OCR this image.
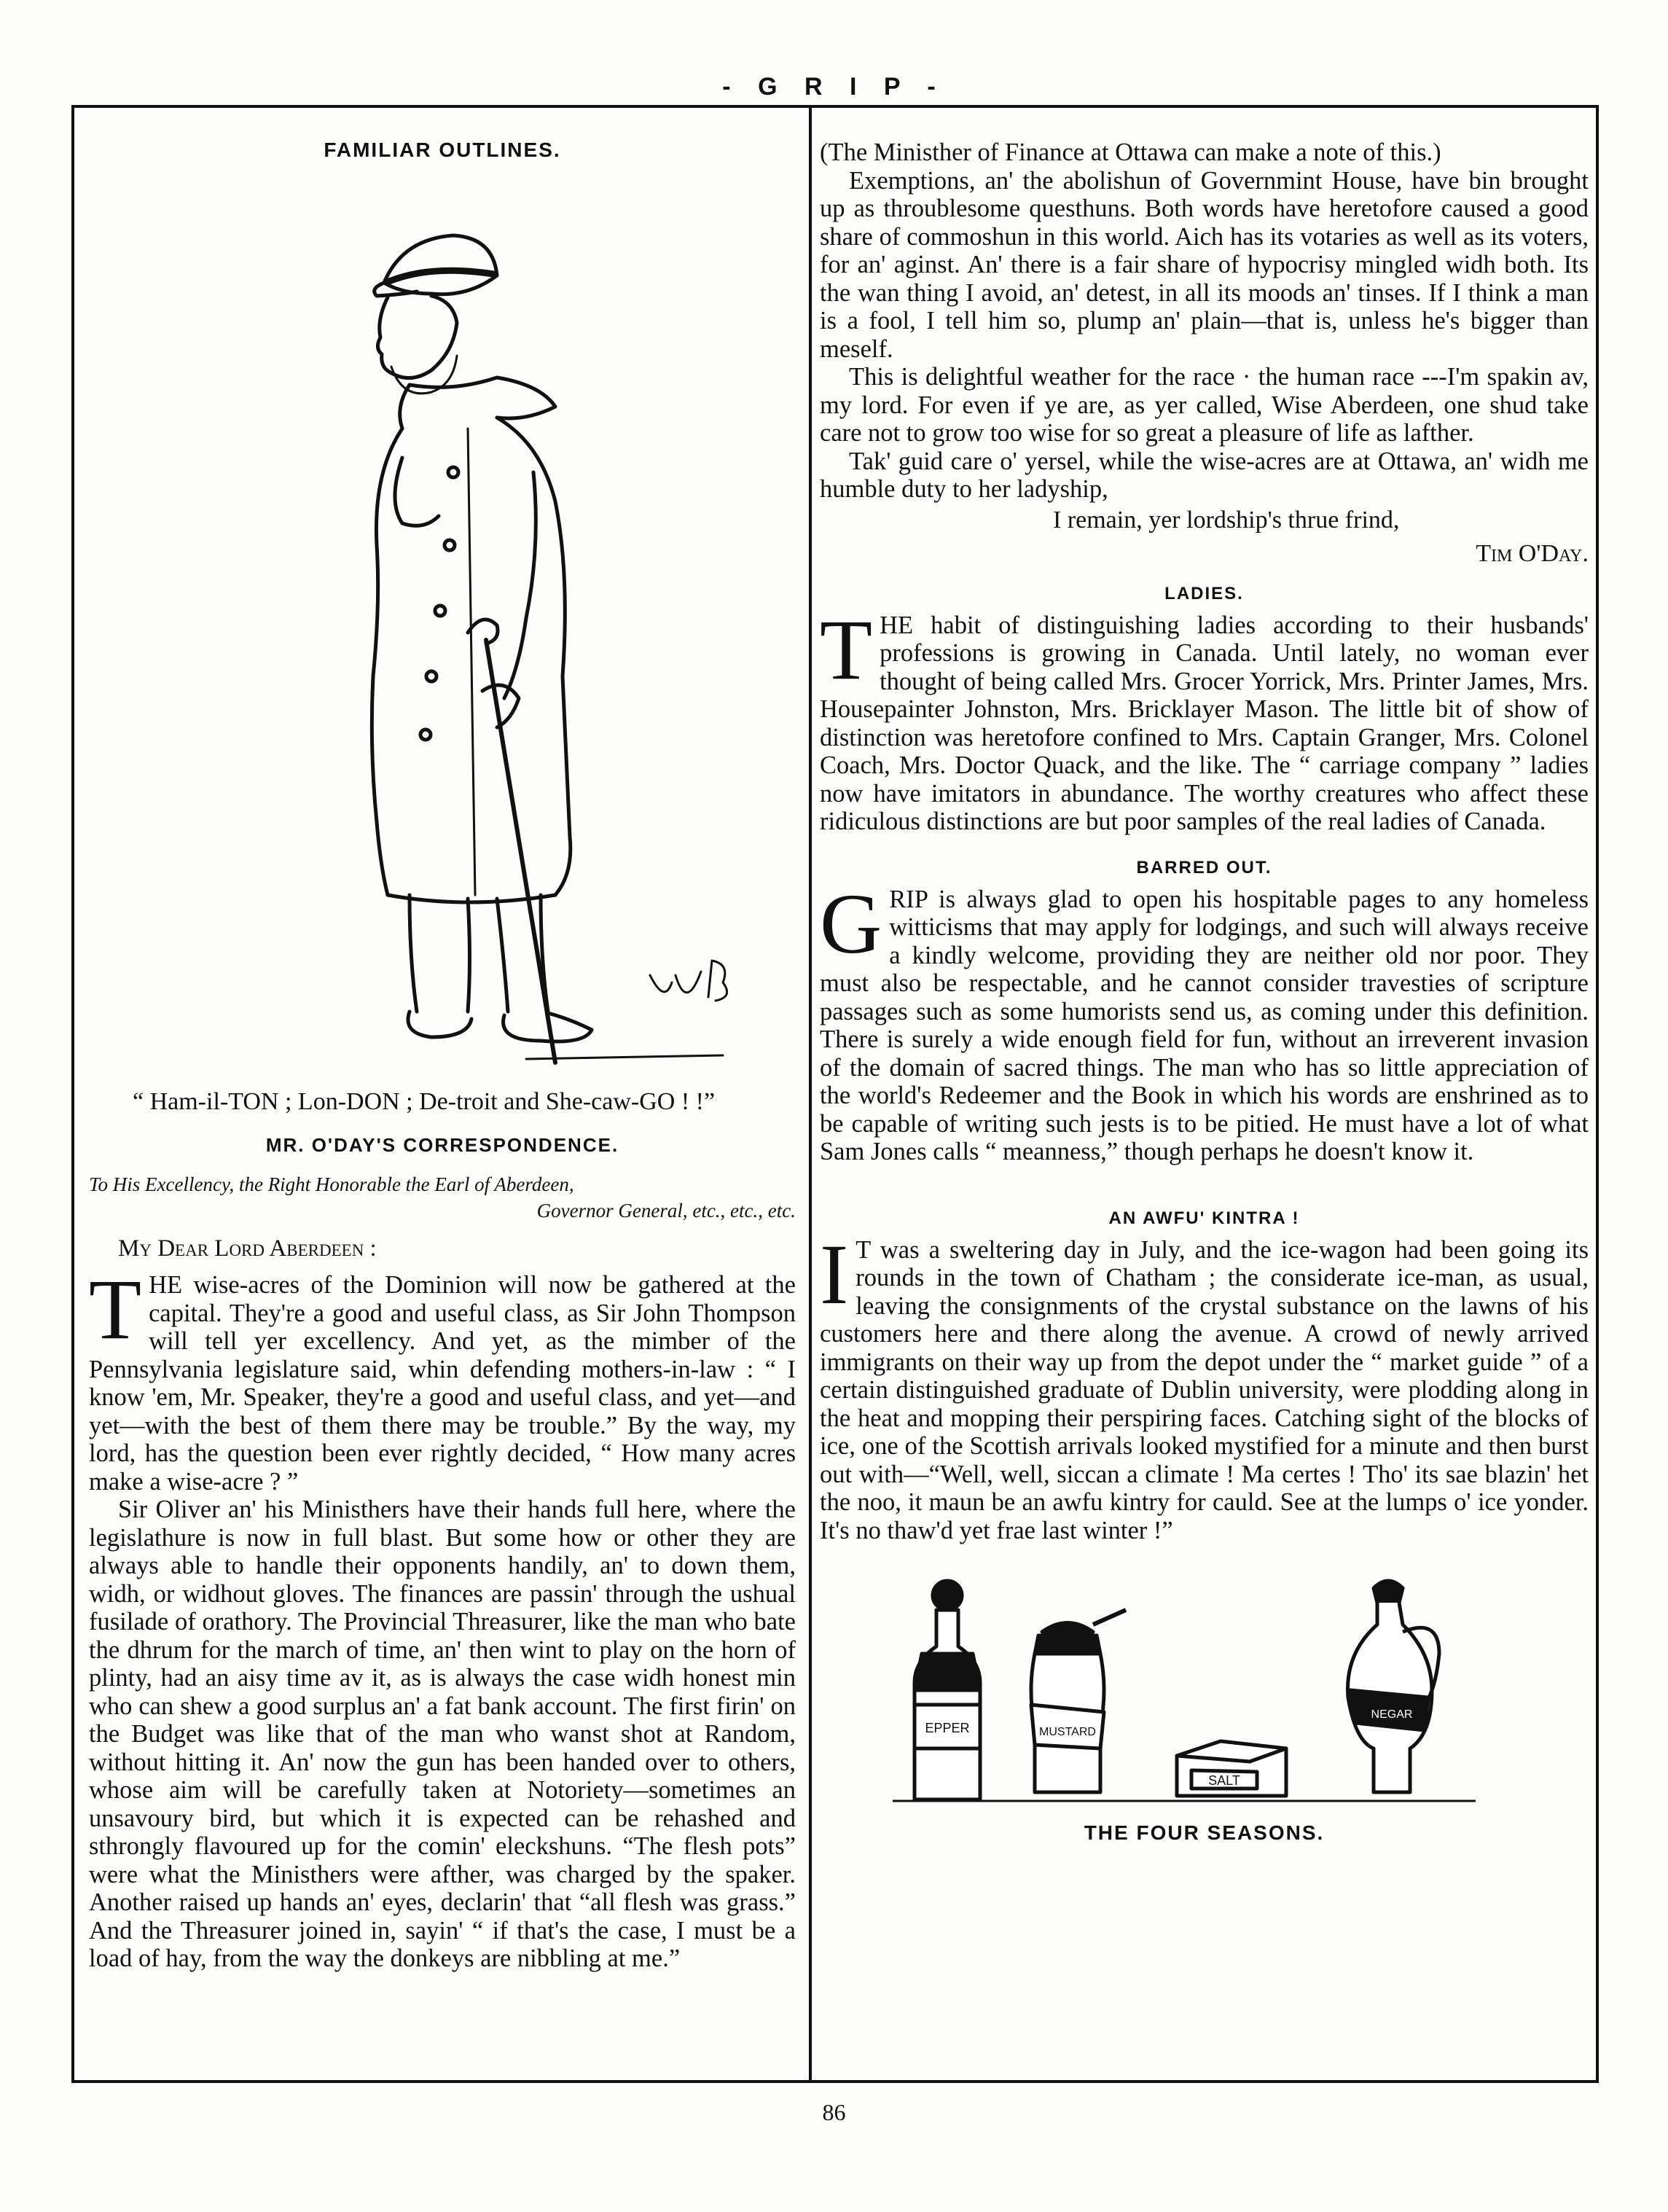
- G R I P -
FAMILIAR OUTLINES.
“ Ham-il-TON ; Lon-DON ; De-troit and She-caw-GO ! !”
MR. O'DAY'S CORRESPONDENCE.
To His Excellency, the Right Honorable the Earl of Aberdeen,
Governor General, etc., etc., etc.
My Dear Lord Aberdeen :

THE wise-acres of the Dominion will now be gathered at the capital. They're a good and useful class, as Sir John Thompson will tell yer excellency. And yet, as the mimber of the Pennsylvania legislature said, whin defending mothers-in-law : “ I know 'em, Mr. Speaker, they're a good and useful class, and yet—and yet—with the best of them there may be trouble.” By the way, my lord, has the question been ever rightly decided, “ How many acres make a wise-acre ? ”

Sir Oliver an' his Ministhers have their hands full here, where the legislathure is now in full blast. But some how or other they are always able to handle their opponents handily, an' to down them, widh, or widhout gloves. The finances are passin' through the ushual fusilade of orathory. The Provincial Threasurer, like the man who bate the dhrum for the march of time, an' then wint to play on the horn of plinty, had an aisy time av it, as is always the case widh honest min who can shew a good surplus an' a fat bank account. The first firin' on the Budget was like that of the man who wanst shot at Random, without hitting it. An' now the gun has been handed over to others, whose aim will be carefully taken at Notoriety—sometimes an unsavoury bird, but which it is expected can be rehashed and sthrongly flavoured up for the comin' eleckshuns. “The flesh pots” were what the Ministhers were afther, was charged by the spaker. Another raised up hands an' eyes, declarin' that “all flesh was grass.” And the Threasurer joined in, sayin' “ if that's the case, I must be a load of hay, from the way the donkeys are nibbling at me.”

(The Ministher of Finance at Ottawa can make a note of this.)

Exemptions, an' the abolishun of Governmint House, have bin brought up as throublesome questhuns. Both words have heretofore caused a good share of commoshun in this world. Aich has its votaries as well as its voters, for an' aginst. An' there is a fair share of hypocrisy mingled widh both. Its the wan thing I avoid, an' detest, in all its moods an' tinses. If I think a man is a fool, I tell him so, plump an' plain—that is, unless he's bigger than meself.

This is delightful weather for the race · the human race ---I'm spakin av, my lord. For even if ye are, as yer called, Wise Aberdeen, one shud take care not to grow too wise for so great a pleasure of life as lafther.

Tak' guid care o' yersel, while the wise-acres are at Ottawa, an' widh me humble duty to her ladyship,

I remain, yer lordship's thrue frind,
Tim O'Day.
LADIES.

THE habit of distinguishing ladies according to their husbands' professions is growing in Canada. Until lately, no woman ever thought of being called Mrs. Grocer Yorrick, Mrs. Printer James, Mrs. Housepainter Johnston, Mrs. Bricklayer Mason. The little bit of show of distinction was heretofore confined to Mrs. Captain Granger, Mrs. Colonel Coach, Mrs. Doctor Quack, and the like. The “ carriage company ” ladies now have imitators in abundance. The worthy creatures who affect these ridiculous distinctions are but poor samples of the real ladies of Canada.

BARRED OUT.

GRIP is always glad to open his hospitable pages to any homeless witticisms that may apply for lodgings, and such will always receive a kindly welcome, providing they are neither old nor poor. They must also be respectable, and he cannot consider travesties of scripture passages such as some humorists send us, as coming under this definition. There is surely a wide enough field for fun, without an irreverent invasion of the domain of sacred things. The man who has so little appreciation of the world's Redeemer and the Book in which his words are enshrined as to be capable of writing such jests is to be pitied. He must have a lot of what Sam Jones calls “ meanness,” though perhaps he doesn't know it.

AN AWFU' KINTRA !

I T was a sweltering day in July, and the ice-wagon had been going its rounds in the town of Chatham ; the considerate ice-man, as usual, leaving the consignments of the crystal substance on the lawns of his customers here and there along the avenue. A crowd of newly arrived immigrants on their way up from the depot under the “ market guide ” of a certain distinguished graduate of Dublin university, were plodding along in the heat and mopping their perspiring faces. Catching sight of the blocks of ice, one of the Scottish arrivals looked mystified for a minute and then burst out with—“Well, well, siccan a climate ! Ma certes ! Tho' its sae blazin' het the noo, it maun be an awfu kintry for cauld. See at the lumps o' ice yonder. It's no thaw'd yet frae last winter !”

EPPER	MUSTARD
SALT
NEGAR
THE FOUR SEASONS.
86
